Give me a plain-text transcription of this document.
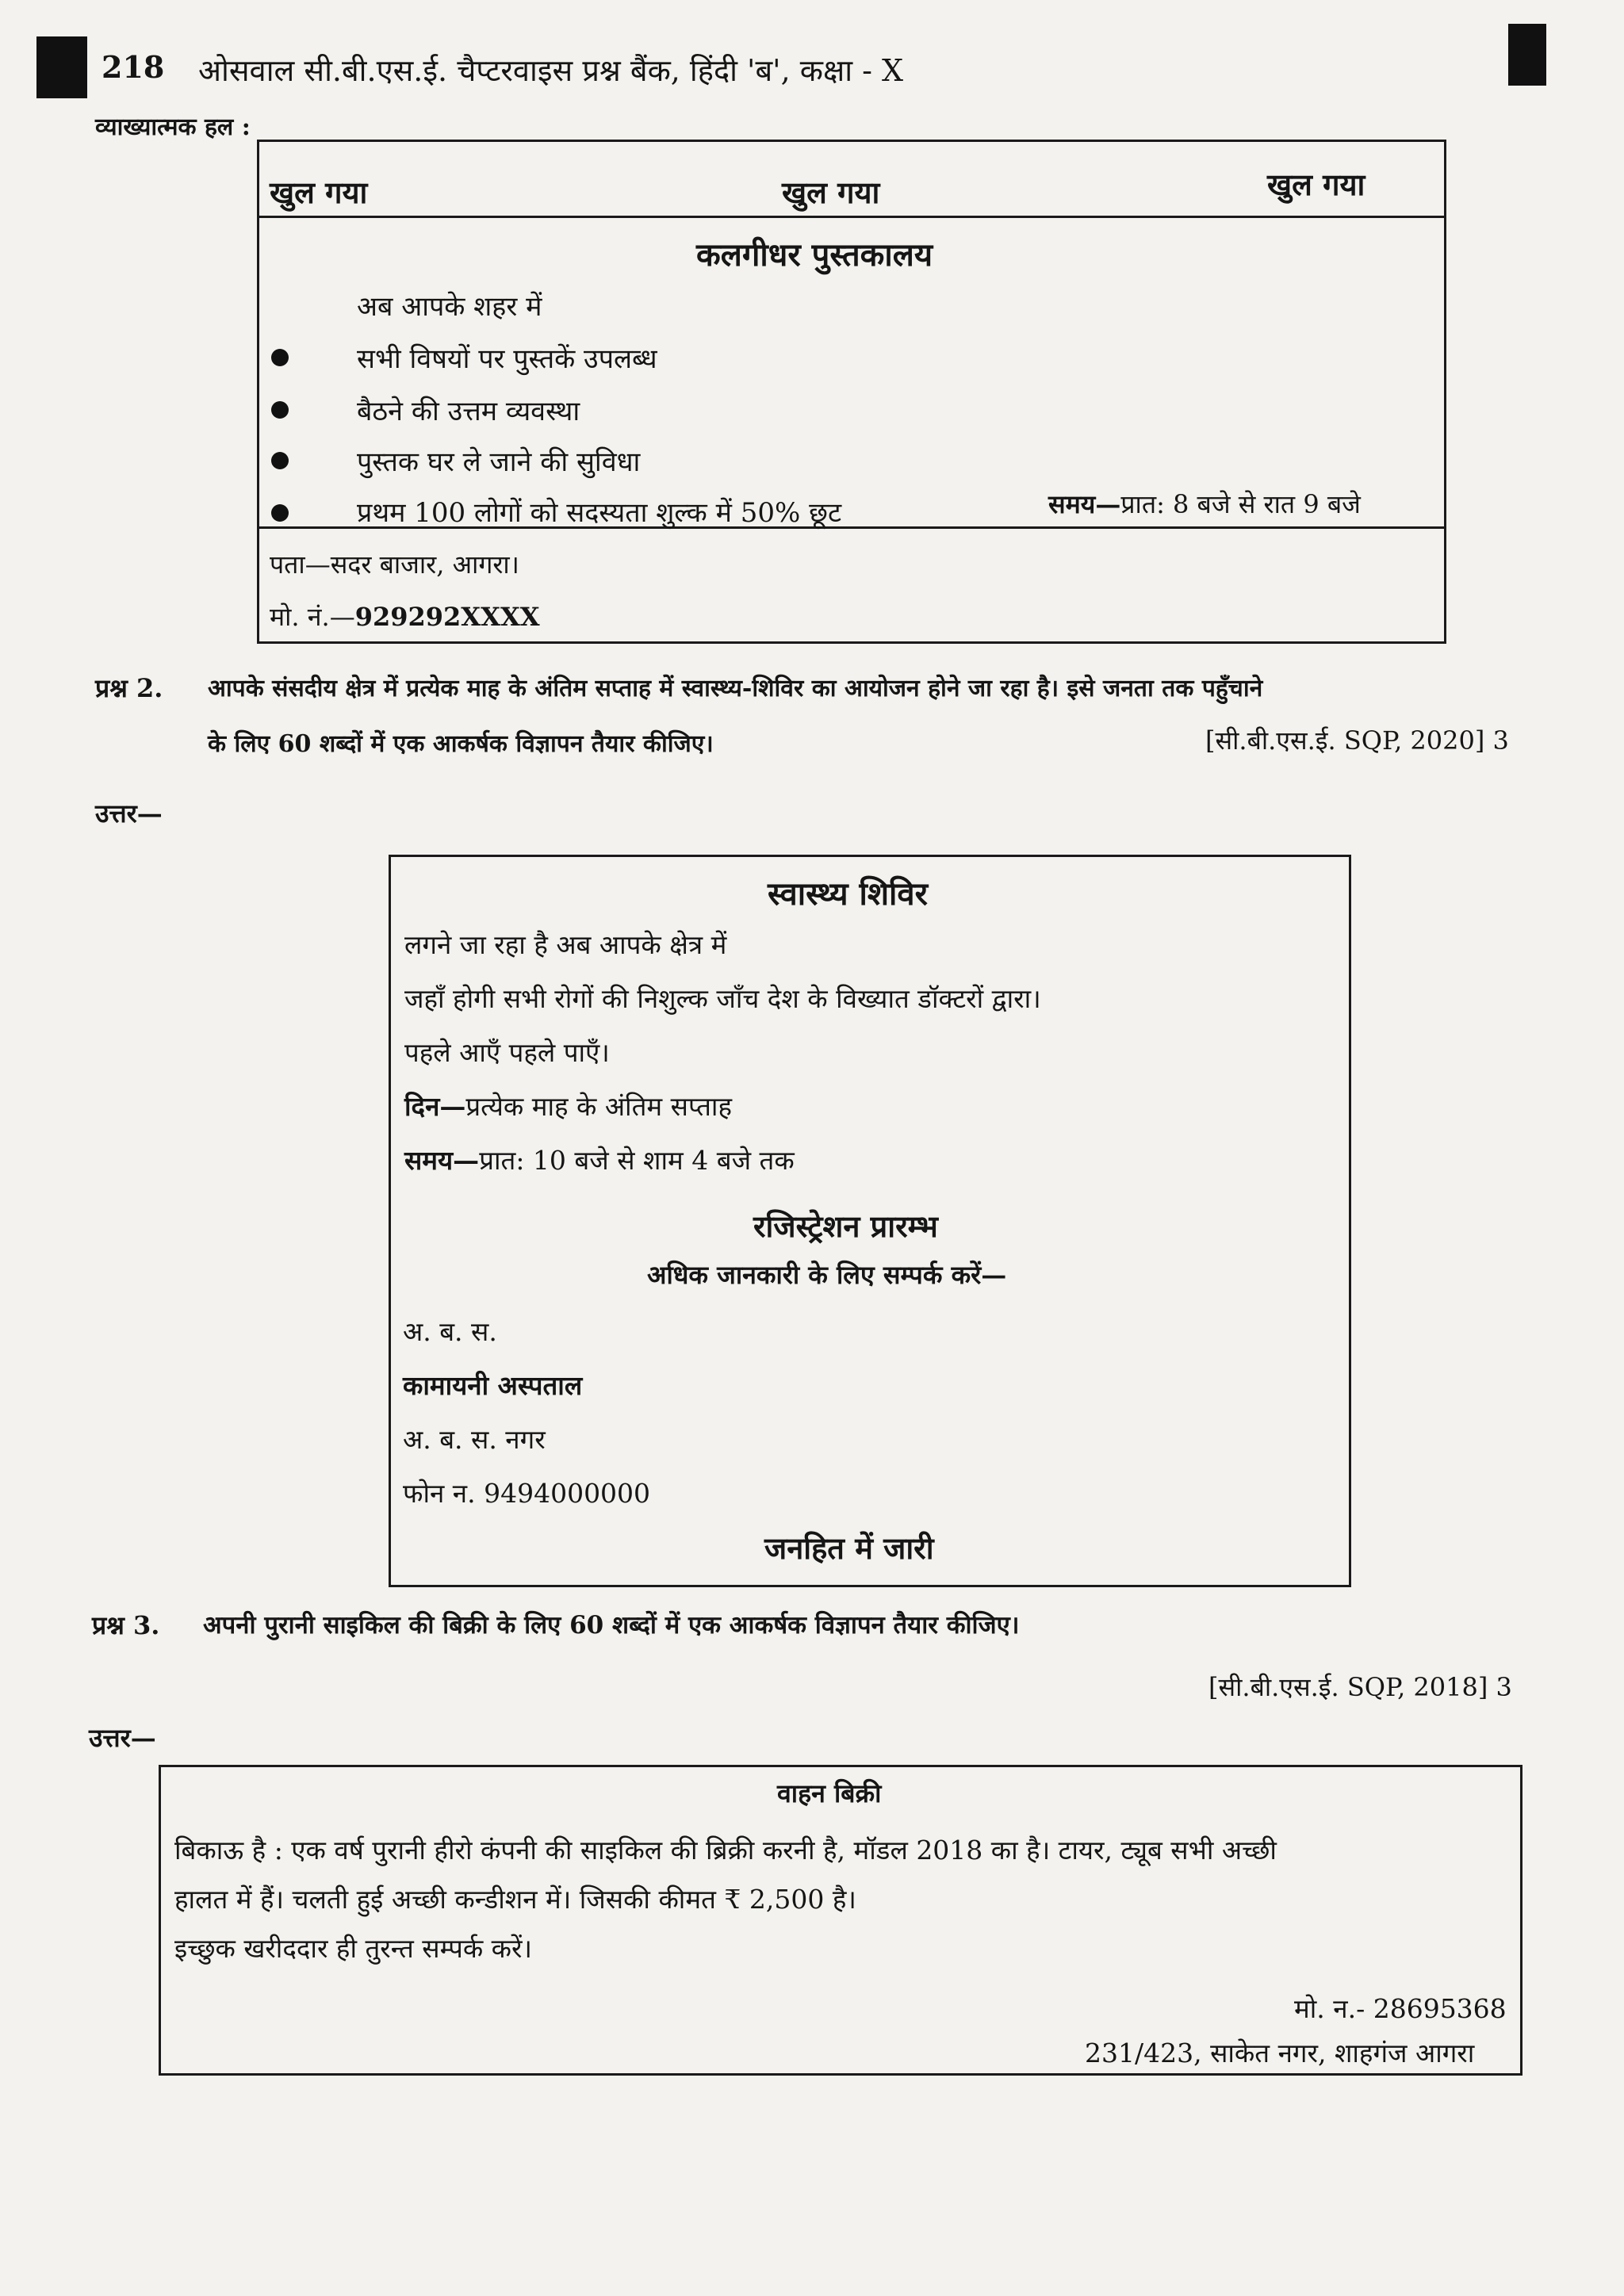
218 ओसवाल सी.बी.एस.ई. चैप्टरवाइस प्रश्न बैंक, हिंदी 'ब', कक्षा - X
व्याख्यात्मक हल :
खुल गया	खुल गया	खुल गया
कलगीधर पुस्तकालय
अब आपके शहर में
सभी विषयों पर पुस्तकें उपलब्ध
बैठने की उत्तम व्यवस्था
पुस्तक घर ले जाने की सुविधा
प्रथम 100 लोगों को सदस्यता शुल्क में 50% छूट	समय—प्रात: 8 बजे से रात 9 बजे
पता—सदर बाजार, आगरा।
मो. नं.—929292XXXX
प्रश्न 2. आपके संसदीय क्षेत्र में प्रत्येक माह के अंतिम सप्ताह में स्वास्थ्य-शिविर का आयोजन होने जा रहा है। इसे जनता तक पहुँचाने
के लिए 60 शब्दों में एक आकर्षक विज्ञापन तैयार कीजिए।	[सी.बी.एस.ई. SQP, 2020] 3
उत्तर—
स्वास्थ्य शिविर
लगने जा रहा है अब आपके क्षेत्र में
जहाँ होगी सभी रोगों की निशुल्क जाँच देश के विख्यात डॉक्टरों द्वारा।
पहले आएँ पहले पाएँ।
दिन—प्रत्येक माह के अंतिम सप्ताह
समय—प्रात: 10 बजे से शाम 4 बजे तक
रजिस्ट्रेशन प्रारम्भ
अधिक जानकारी के लिए सम्पर्क करें—
अ. ब. स.
कामायनी अस्पताल
अ. ब. स. नगर
फोन न. 9494000000
जनहित में जारी
प्रश्न 3. अपनी पुरानी साइकिल की बिक्री के लिए 60 शब्दों में एक आकर्षक विज्ञापन तैयार कीजिए।
[सी.बी.एस.ई. SQP, 2018] 3
उत्तर—
वाहन बिक्री
बिकाऊ है : एक वर्ष पुरानी हीरो कंपनी की साइकिल की ब्रिक्री करनी है, मॉडल 2018 का है। टायर, ट्यूब सभी अच्छी
हालत में हैं। चलती हुई अच्छी कन्डीशन में। जिसकी कीमत ₹ 2,500 है।
इच्छुक खरीददार ही तुरन्त सम्पर्क करें।
मो. न.- 28695368
231/423, साकेत नगर, शाहगंज आगरा
